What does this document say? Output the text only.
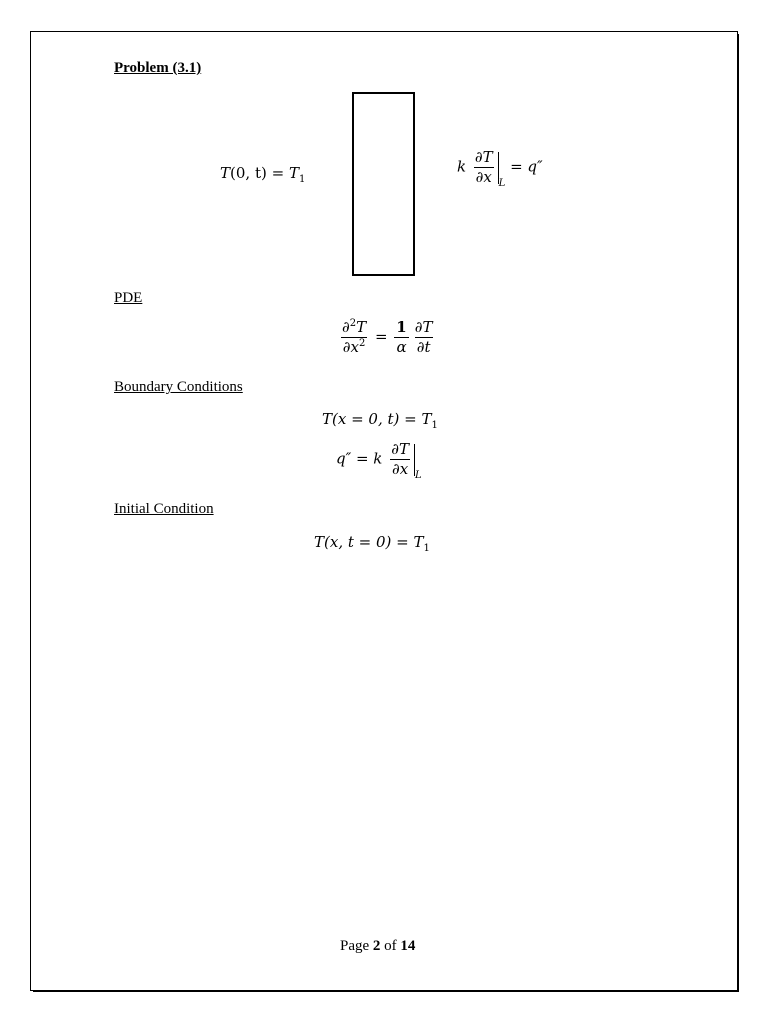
Problem (3.1)
T(0, $t) = T_1$
k $\frac{\partial T}{\partial x} _L = q''$
PDE
$\frac{\partial^2T}{\partial x^2} = \frac{1}{\alpha} \frac{\partial T}{\partial t}$
Boundary Conditions
T(x = 0, $t) = T_1$
q″ = k $\frac{\partial T}{\partial x} _L$
Initial Condition
T(x, $t = 0) = T_1$
Page 2 of 14
